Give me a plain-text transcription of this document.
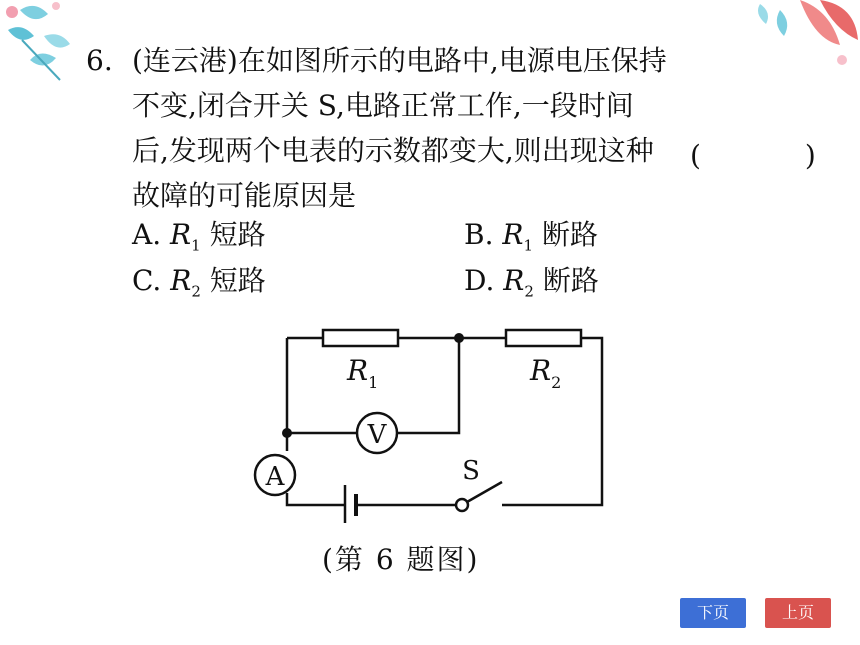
6. (连云港)在如图所示的电路中,电源电压保持
不变,闭合开关 S,电路正常工作,一段时间
后,发现两个电表的示数都变大,则出现这种
故障的可能原因是
(　)
A. $R_1$ 短路	B. $R_1$ 断路
C. $R_2$ 短路	D. $R_2$ 断路
$R_1$	$R_2$
V
A	S
(第 6 题图)
下页	上页
